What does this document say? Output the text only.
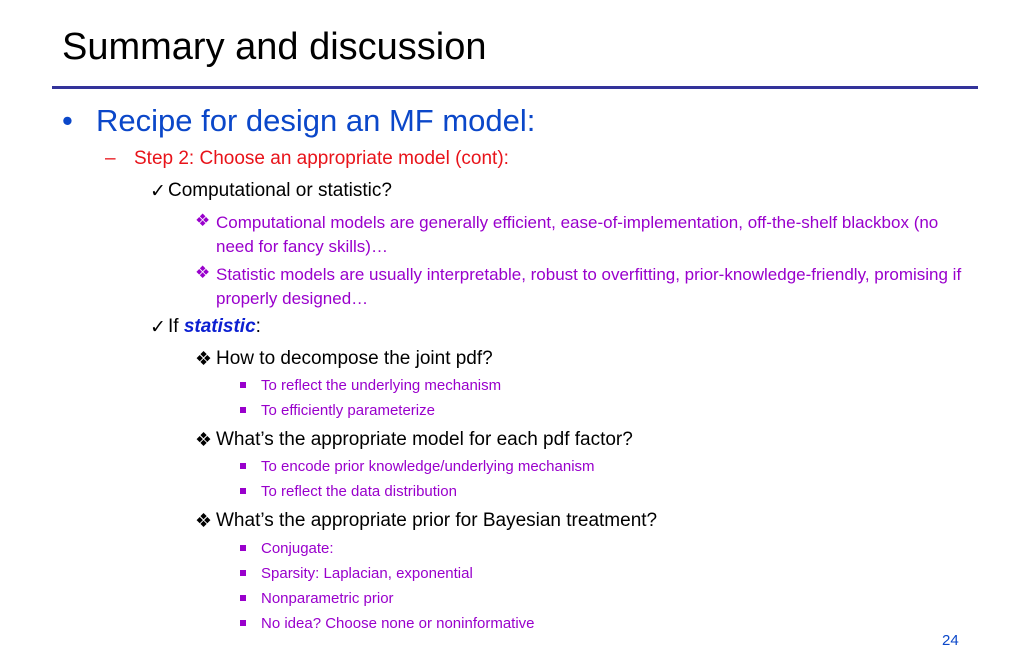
Summary and discussion
• Recipe for design an MF model:
– Step 2: Choose an appropriate model (cont):
✓ Computational or statistic?
❖ Computational models are generally efficient, ease-of-implementation, off-the-shelf blackbox (no need for fancy skills)…
❖ Statistic models are usually interpretable, robust to overfitting, prior-knowledge-friendly, promising if properly designed…
✓ If statistic:
❖ How to decompose the joint pdf?
To reflect the underlying mechanism
To efficiently parameterize
❖ What’s the appropriate model for each pdf factor?
To encode prior knowledge/underlying mechanism
To reflect the data distribution
❖ What’s the appropriate prior for Bayesian treatment?
Conjugate:
Sparsity: Laplacian, exponential
Nonparametric prior
No idea? Choose none or noninformative
24
